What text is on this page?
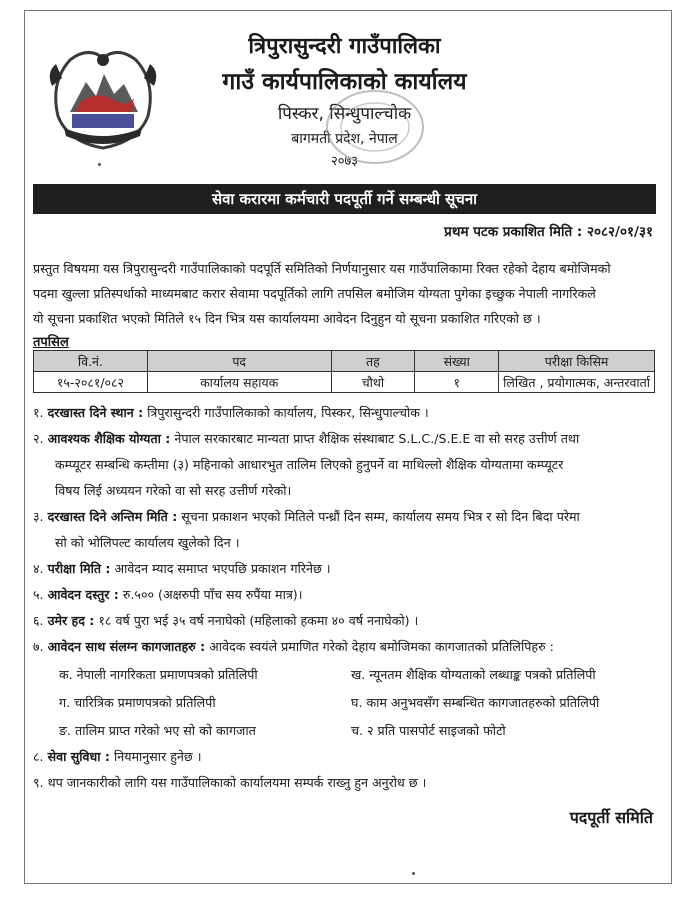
त्रिपुरासुन्दरी गाउँपालिका
गाउँ कार्यपालिकाको कार्यालय
पिस्कर, सिन्धुपाल्चोक
बागमती प्रदेश, नेपाल
२०७३
सेवा करारमा कर्मचारी पदपूर्ती गर्ने सम्बन्धी सूचना
प्रथम पटक प्रकाशित मिति : २०८२/०१/३१
प्रस्तुत विषयमा यस त्रिपुरासुन्दरी गाउँपालिकाको पदपूर्ति समितिको निर्णयानुसार यस गाउँपालिकामा रिक्त रहेको देहाय बमोजिमको
पदमा खुल्ला प्रतिस्पर्धाको माध्यमबाट करार सेवामा पदपूर्तिको लागि तपसिल बमोजिम योग्यता पुगेका इच्छुक नेपाली नागरिकले
यो सूचना प्रकाशित भएको मितिले १५ दिन भित्र यस कार्यालयमा आवेदन दिनुहुन यो सूचना प्रकाशित गरिएको छ ।
तपसिल
वि.नं.	पद	तह	संख्या	परीक्षा किसिम
१५-२०८१/०८२	कार्यालय सहायक	चौथो	१	लिखित , प्रयोगात्मक, अन्तरवार्ता
१. दरखास्त दिने स्थान : त्रिपुरासुन्दरी गाउँपालिकाको कार्यालय, पिस्कर, सिन्धुपाल्चोक ।
२. आवश्यक शैक्षिक योग्यता : नेपाल सरकारबाट मान्यता प्राप्त शैक्षिक संस्थाबाट S.L.C./S.E.E वा सो सरह उत्तीर्ण तथा
कम्प्यूटर सम्बन्धि कम्तीमा (३) महिनाको आधारभुत तालिम लिएको हुनुपर्ने वा माथिल्लो शैक्षिक योग्यतामा कम्प्यूटर
विषय लिई अध्ययन गरेको वा सो सरह उत्तीर्ण गरेको।
३. दरखास्त दिने अन्तिम मिति : सूचना प्रकाशन भएको मितिले पन्ध्रौं दिन सम्म, कार्यालय समय भित्र र सो दिन बिदा परेमा
सो को भोलिपल्ट कार्यालय खुलेको दिन ।
४. परीक्षा मिति : आवेदन म्याद समाप्त भएपछि प्रकाशन गरिनेछ ।
५. आवेदन दस्तुर : रु.५०० (अक्षरुपी पाँच सय रुपैंया मात्र)।
६. उमेर हद : १८ वर्ष पुरा भई ३५ वर्ष ननाघेको (महिलाको हकमा ४० वर्ष ननाघेको) ।
७. आवेदन साथ संलग्न कागजातहरु : आवेदक स्वयंले प्रमाणित गरेको देहाय बमोजिमका कागजातको प्रतिलिपिहरु :
क. नेपाली नागरिकता प्रमाणपत्रको प्रतिलिपी	ख. न्यूनतम शैक्षिक योग्यताको लब्धाङ्क पत्रको प्रतिलिपी
ग. चारित्रिक प्रमाणपत्रको प्रतिलिपी	घ. काम अनुभवसँग सम्बन्धित कागजातहरुको प्रतिलिपी
ङ. तालिम प्राप्त गरेको भए सो को कागजात	च. २ प्रति पासपोर्ट साइजको फोटो
८. सेवा सुविधा : नियमानुसार हुनेछ ।
९. थप जानकारीको लागि यस गाउँपालिकाको कार्यालयमा सम्पर्क राख्नु हुन अनुरोध छ ।
पदपूर्ती समिति
